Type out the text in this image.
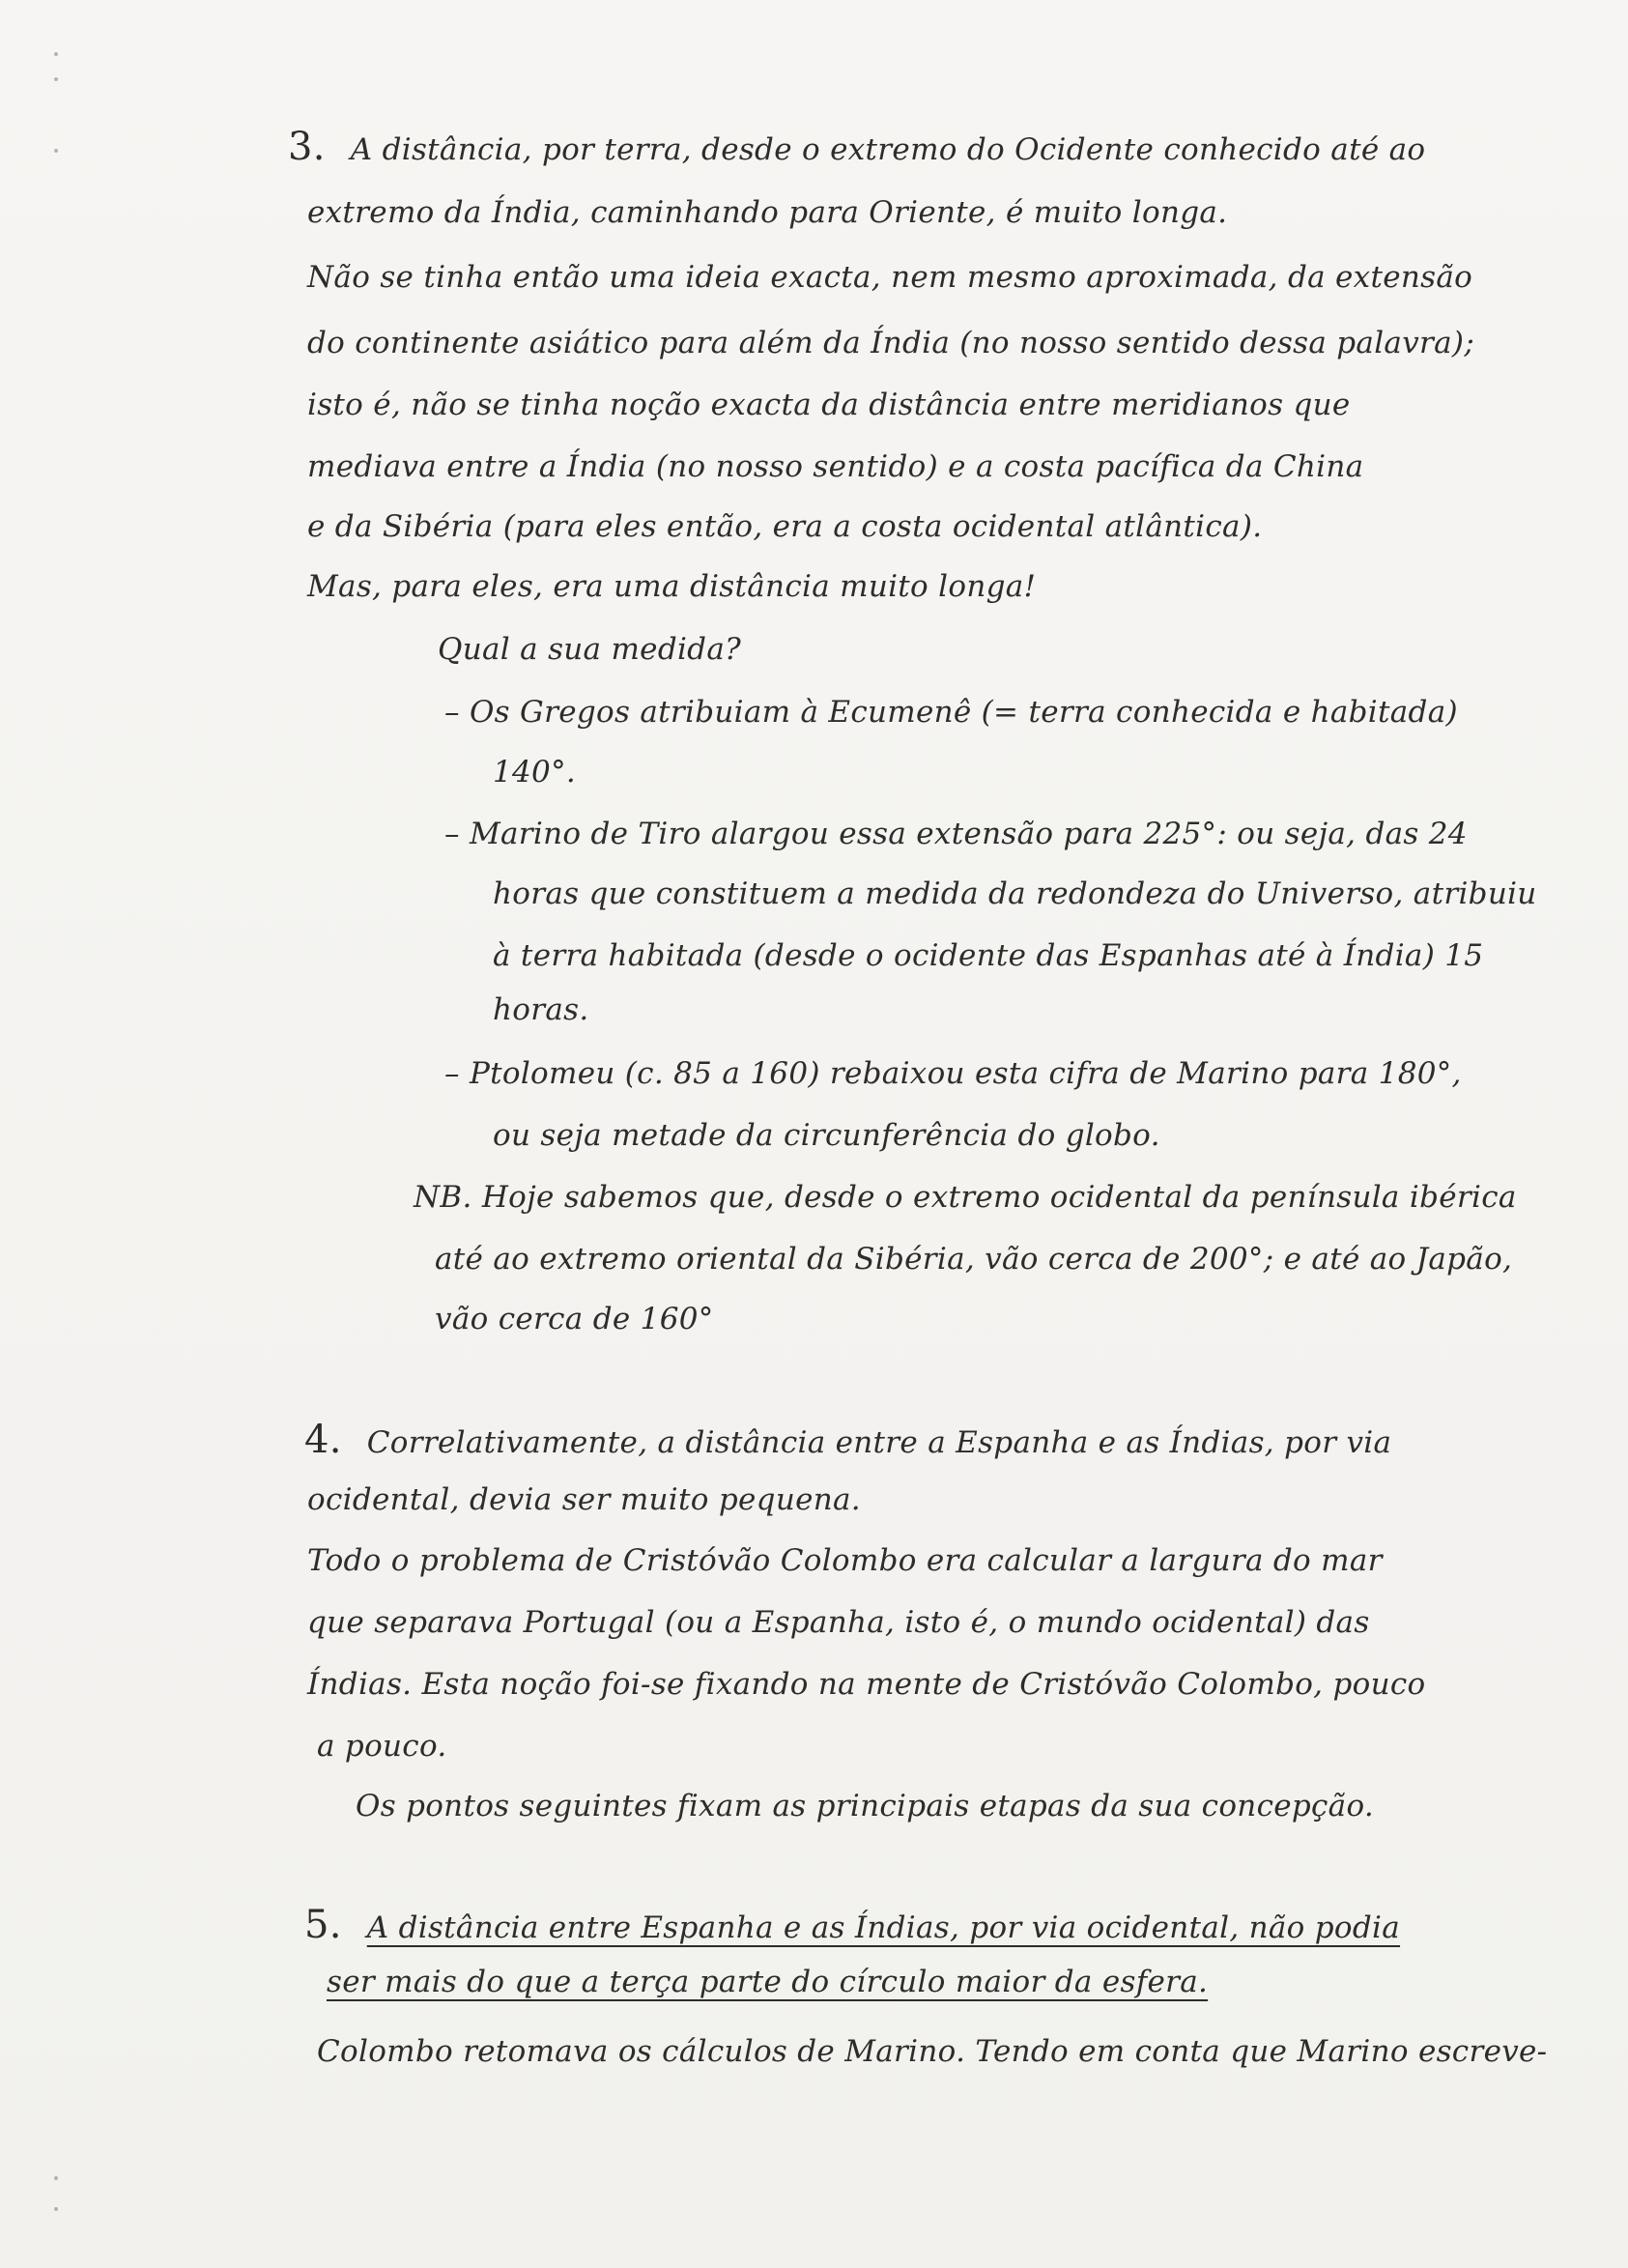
3. A distância, por terra, desde o extremo do Ocidente conhecido até ao
extremo da Índia, caminhando para Oriente, é muito longa.
Não se tinha então uma ideia exacta, nem mesmo aproximada, da extensão
do continente asiático para além da Índia (no nosso sentido dessa palavra);
isto é, não se tinha noção exacta da distância entre meridianos que
mediava entre a Índia (no nosso sentido) e a costa pacífica da China
e da Sibéria (para eles então, era a costa ocidental atlântica).
Mas, para eles, era uma distância muito longa!
Qual a sua medida?
– Os Gregos atribuiam à Ecumenê (= terra conhecida e habitada)
140°.
– Marino de Tiro alargou essa extensão para 225°: ou seja, das 24
horas que constituem a medida da redondeza do Universo, atribuiu
à terra habitada (desde o ocidente das Espanhas até à Índia) 15
horas.
– Ptolomeu (c. 85 a 160) rebaixou esta cifra de Marino para 180°,
ou seja metade da circunferência do globo.
NB. Hoje sabemos que, desde o extremo ocidental da península ibérica
até ao extremo oriental da Sibéria, vão cerca de 200°; e até ao Japão,
vão cerca de 160°
4. Correlativamente, a distância entre a Espanha e as Índias, por via
ocidental, devia ser muito pequena.
Todo o problema de Cristóvão Colombo era calcular a largura do mar
que separava Portugal (ou a Espanha, isto é, o mundo ocidental) das
Índias. Esta noção foi-se fixando na mente de Cristóvão Colombo, pouco
a pouco.
Os pontos seguintes fixam as principais etapas da sua concepção.
5. A distância entre Espanha e as Índias, por via ocidental, não podia
ser mais do que a terça parte do círculo maior da esfera.
Colombo retomava os cálculos de Marino. Tendo em conta que Marino escreve-
